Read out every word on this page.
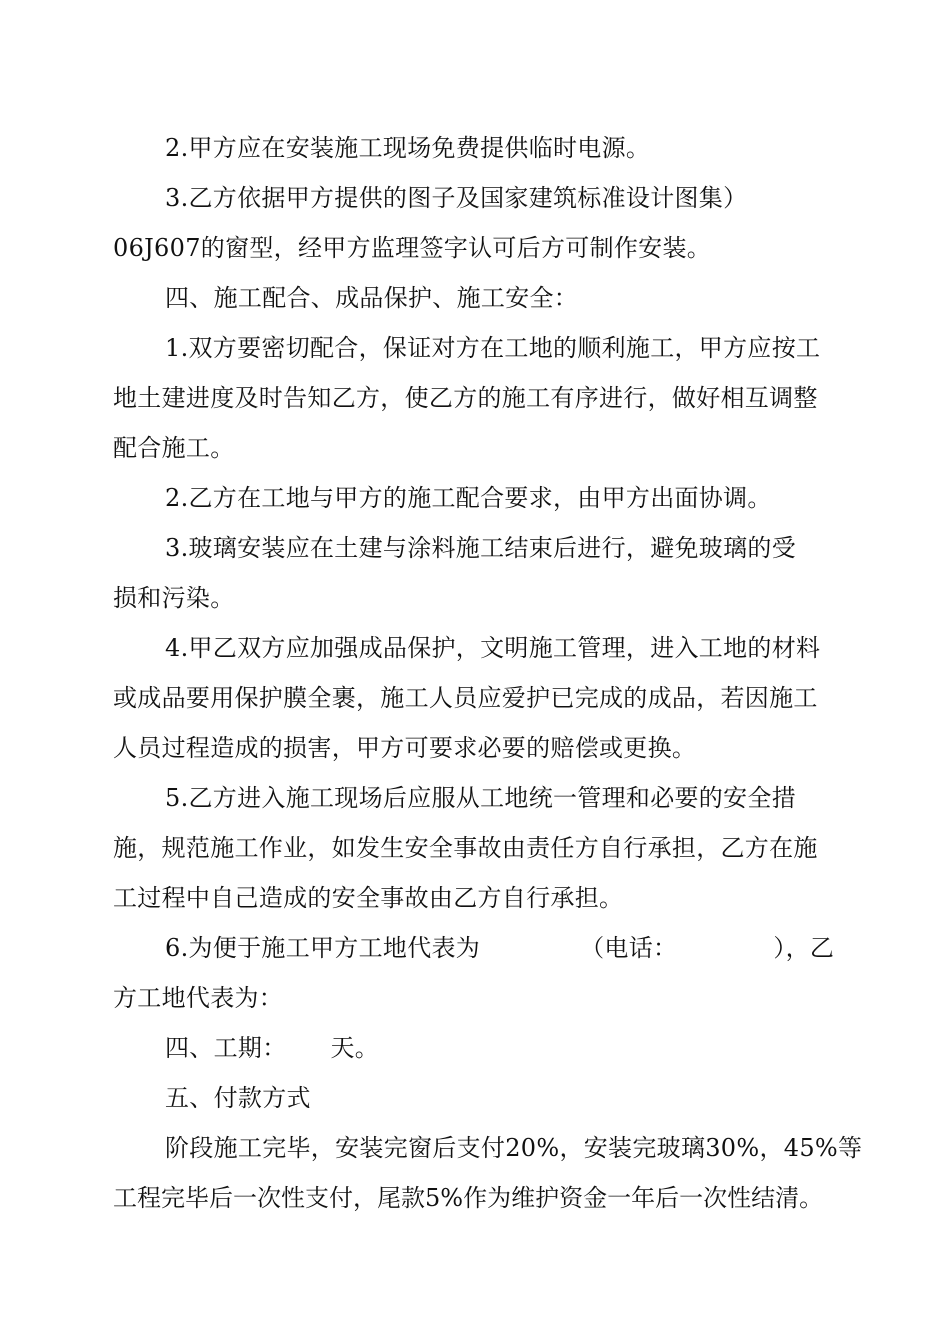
2.甲方应在安装施工现场免费提供临时电源。
3.乙方依据甲方提供的图子及国家建筑标准设计图集）
06J607的窗型，经甲方监理签字认可后方可制作安装。
四、施工配合、成品保护、施工安全：
1.双方要密切配合，保证对方在工地的顺利施工，甲方应按工
地土建进度及时告知乙方，使乙方的施工有序进行，做好相互调整
配合施工。
2.乙方在工地与甲方的施工配合要求，由甲方出面协调。
3.玻璃安装应在土建与涂料施工结束后进行，避免玻璃的受
损和污染。
4.甲乙双方应加强成品保护，文明施工管理，进入工地的材料
或成品要用保护膜全裹，施工人员应爱护已完成的成品，若因施工
人员过程造成的损害，甲方可要求必要的赔偿或更换。
5.乙方进入施工现场后应服从工地统一管理和必要的安全措
施，规范施工作业，如发生安全事故由责任方自行承担，乙方在施
工过程中自己造成的安全事故由乙方自行承担。
6.为便于施工甲方工地代表为	（电话：	），乙
方工地代表为：
四、工期： 天。
五、付款方式
阶段施工完毕，安装完窗后支付20%，安装完玻璃30%，45%等
工程完毕后一次性支付，尾款5%作为维护资金一年后一次性结清。
